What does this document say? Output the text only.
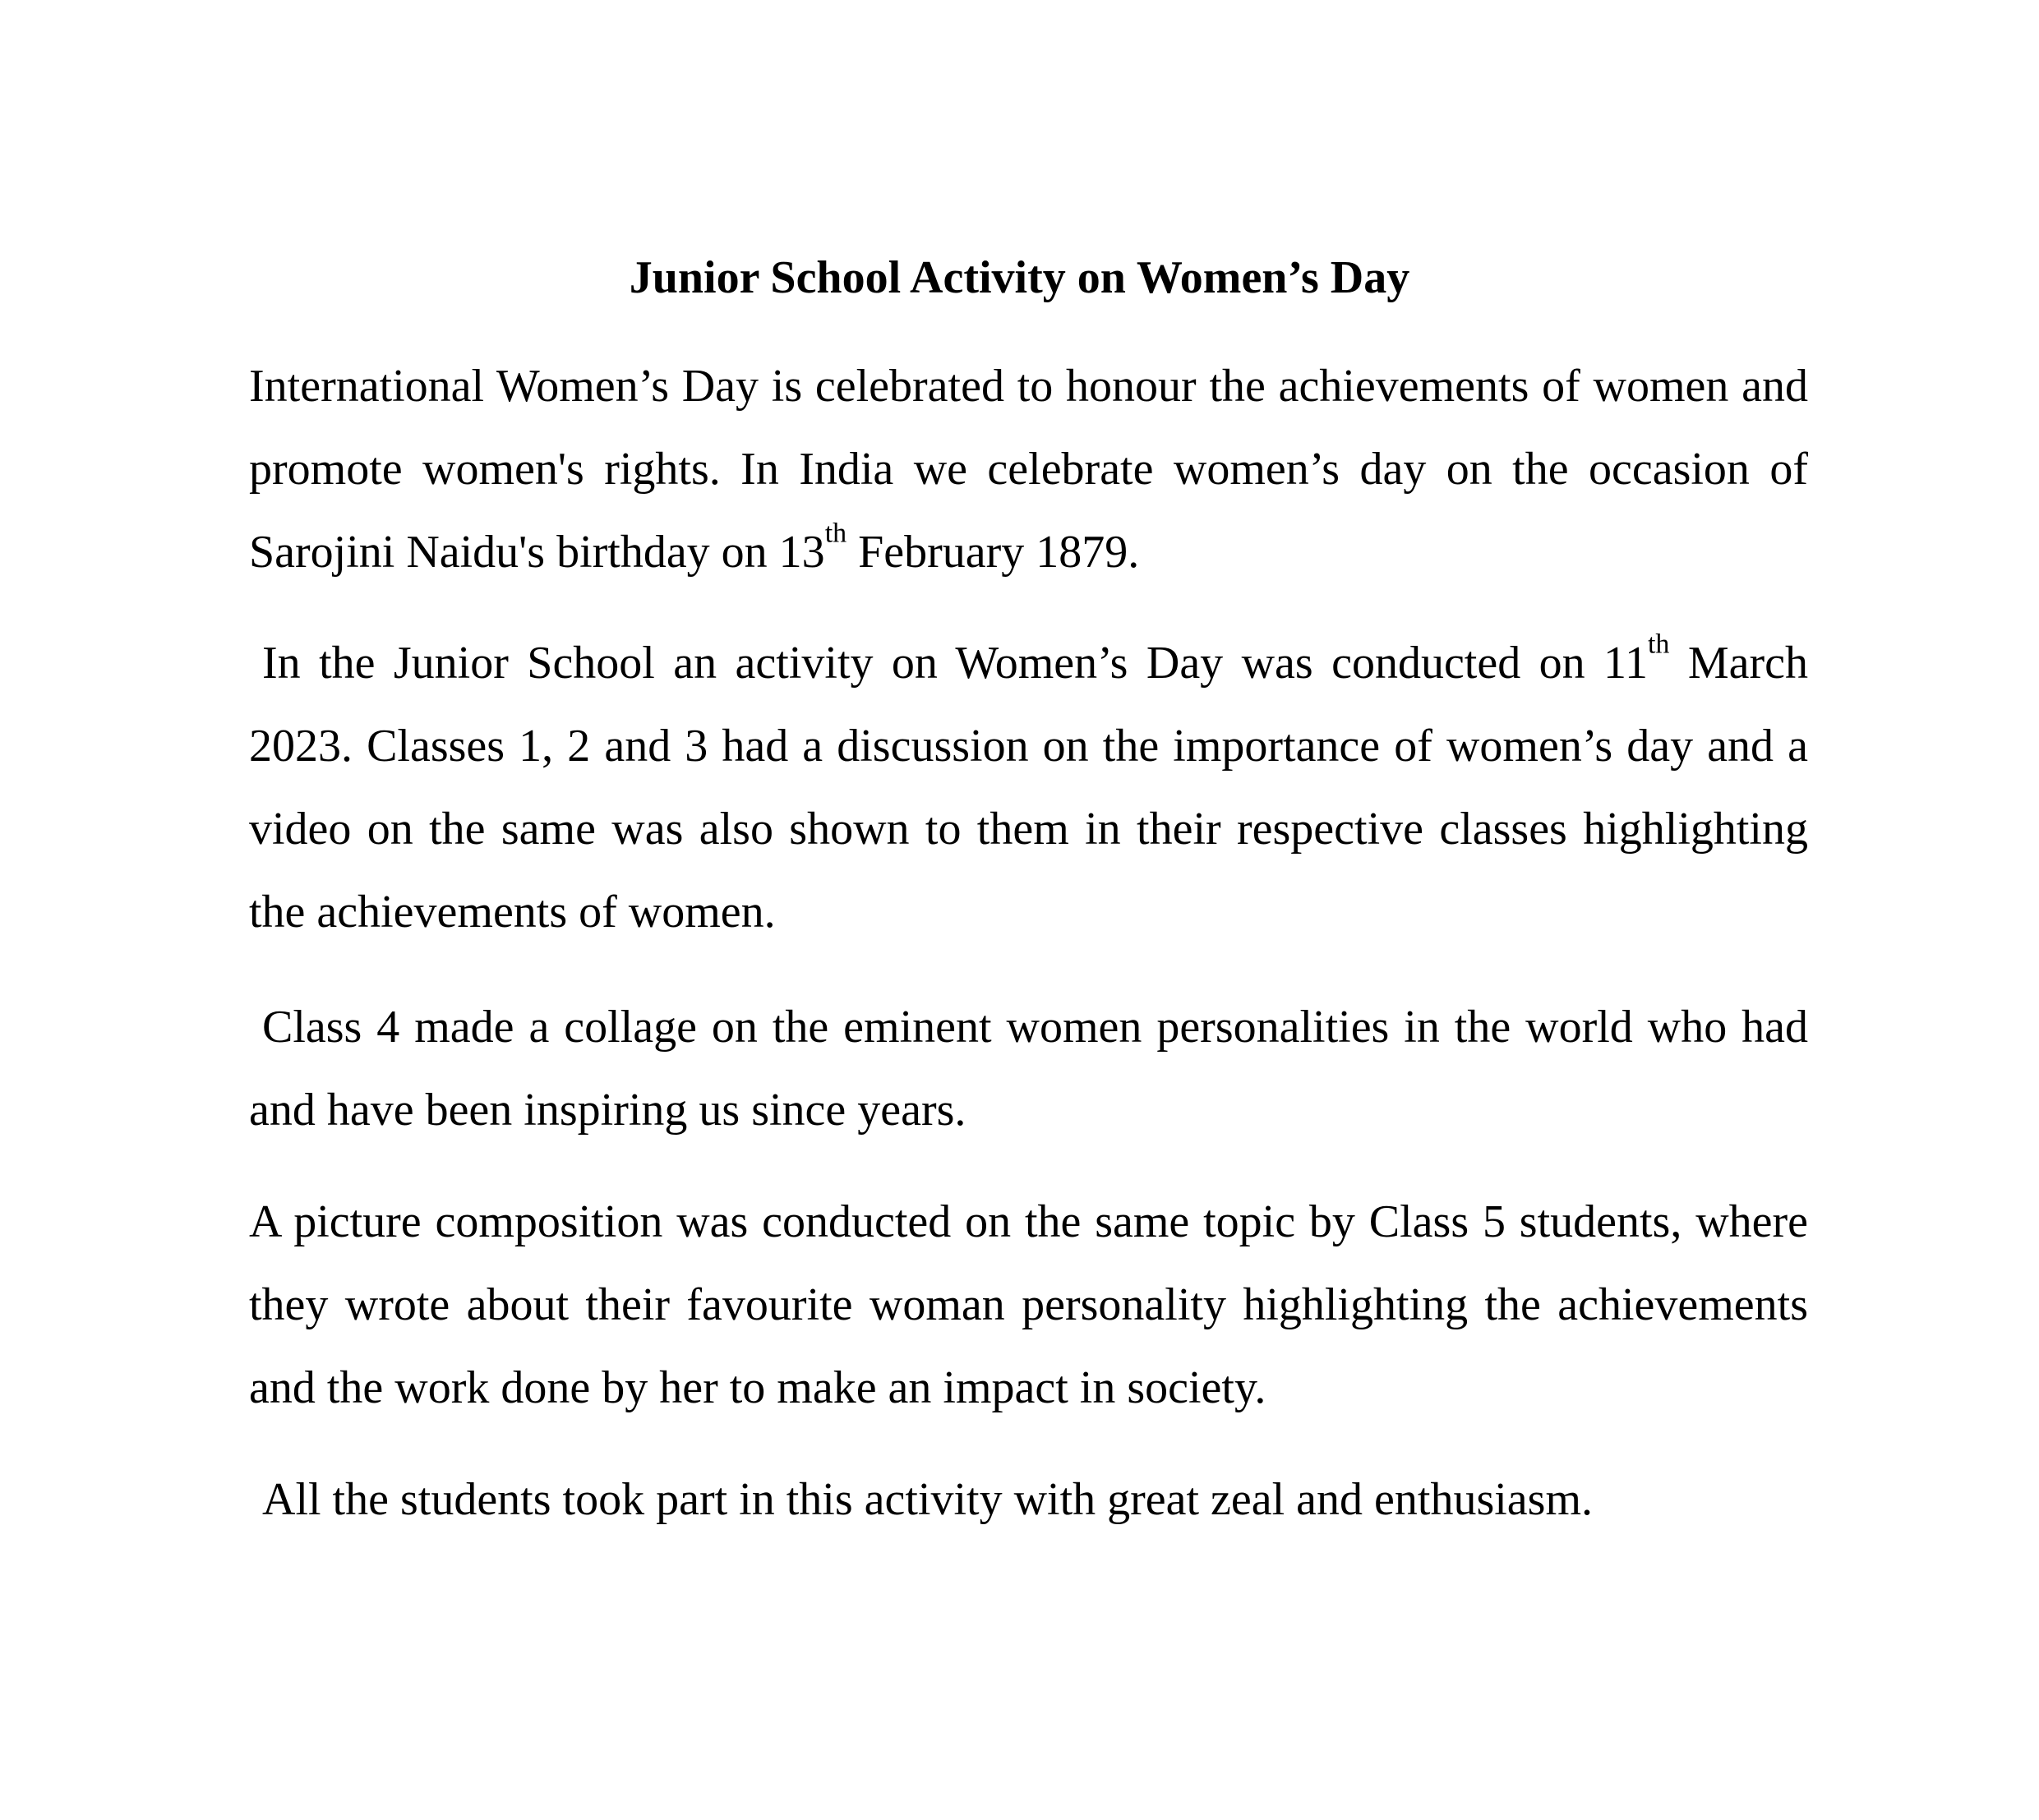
Junior School Activity on Women’s Day

International Women’s Day is celebrated to honour the achievements of women and promote women's rights. In India we celebrate women’s day on the occasion of Sarojini Naidu's birthday on 13th February 1879.

In the Junior School an activity on Women’s Day was conducted on 11th March 2023. Classes 1, 2 and 3 had a discussion on the importance of women’s day and a video on the same was also shown to them in their respective classes highlighting the achievements of women.

Class 4 made a collage on the eminent women personalities in the world who had and have been inspiring us since years.

A picture composition was conducted on the same topic by Class 5 students, where they wrote about their favourite woman personality highlighting the achievements and the work done by her to make an impact in society.

All the students took part in this activity with great zeal and enthusiasm.
